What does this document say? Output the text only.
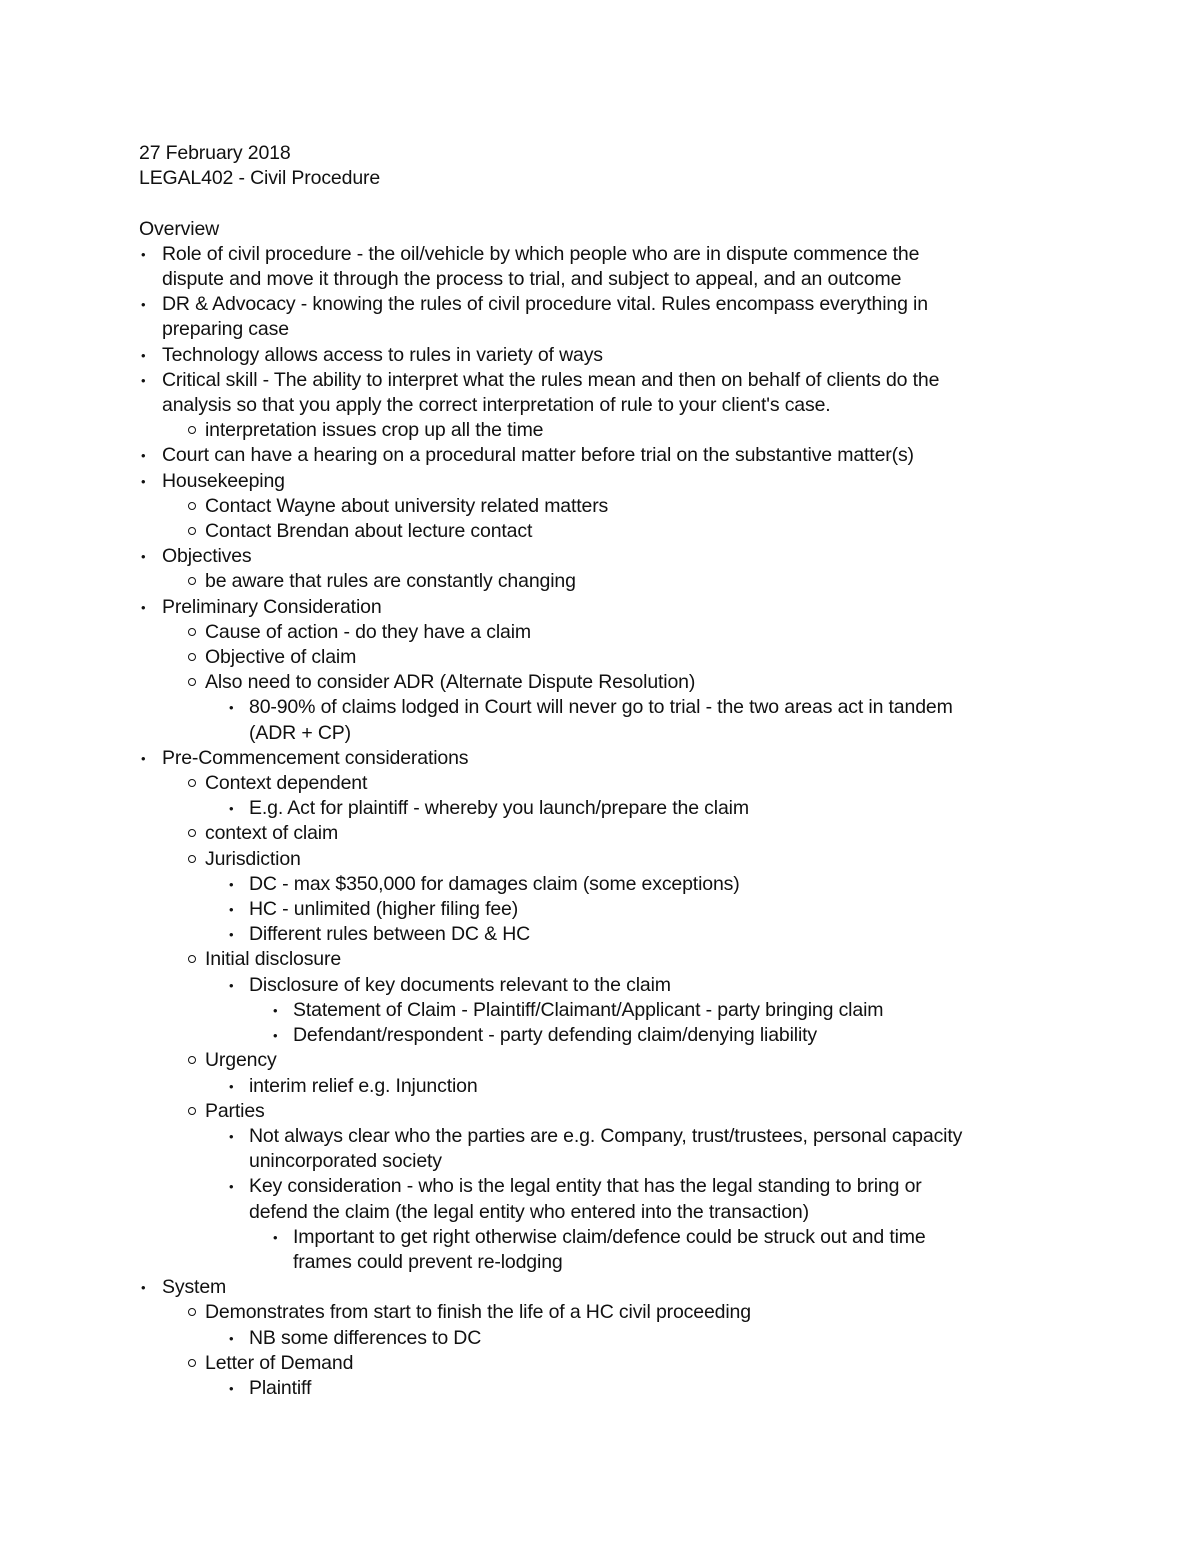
27 February 2018

LEGAL402 - Civil Procedure

Overview

•
Role of civil procedure - the oil/vehicle by which people who are in dispute commence the
dispute and move it through the process to trial, and subject to appeal, and an outcome
•
DR & Advocacy - knowing the rules of civil procedure vital. Rules encompass everything in
preparing case
•
Technology allows access to rules in variety of ways
•
Critical skill - The ability to interpret what the rules mean and then on behalf of clients do the
analysis so that you apply the correct interpretation of rule to your client's case.
interpretation issues crop up all the time
•
Court can have a hearing on a procedural matter before trial on the substantive matter(s)
•
Housekeeping
Contact Wayne about university related matters
Contact Brendan about lecture contact
•
Objectives
be aware that rules are constantly changing
•
Preliminary Consideration
Cause of action - do they have a claim
Objective of claim
Also need to consider ADR (Alternate Dispute Resolution)
•
80-90% of claims lodged in Court will never go to trial - the two areas act in tandem
(ADR + CP)
•
Pre-Commencement considerations
Context dependent
•
E.g. Act for plaintiff - whereby you launch/prepare the claim
context of claim
Jurisdiction
•
DC - max $350,000 for damages claim (some exceptions)
•
HC - unlimited (higher filing fee)
•
Different rules between DC & HC
Initial disclosure
•
Disclosure of key documents relevant to the claim
•
Statement of Claim - Plaintiff/Claimant/Applicant - party bringing claim
•
Defendant/respondent - party defending claim/denying liability
Urgency
•
interim relief e.g. Injunction
Parties
•
Not always clear who the parties are e.g. Company, trust/trustees, personal capacity
unincorporated society
•
Key consideration - who is the legal entity that has the legal standing to bring or
defend the claim (the legal entity who entered into the transaction)
•
Important to get right otherwise claim/defence could be struck out and time
frames could prevent re-lodging
•
System
Demonstrates from start to finish the life of a HC civil proceeding
•
NB some differences to DC
Letter of Demand
•
Plaintiff
